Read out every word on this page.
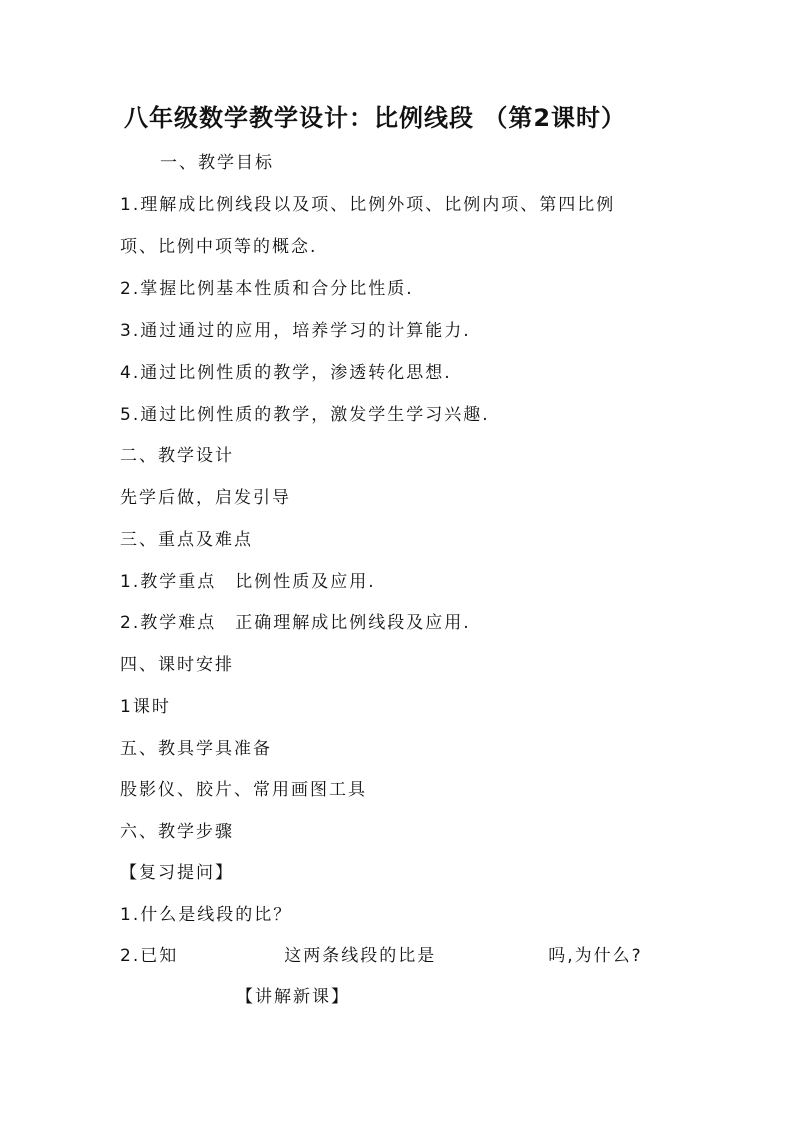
八年级数学教学设计：比例线段 （第2课时）
一、教学目标
1.理解成比例线段以及项、比例外项、比例内项、第四比例
项、比例中项等的概念.
2.掌握比例基本性质和合分比性质.
3.通过通过的应用，培养学习的计算能力.
4.通过比例性质的教学，渗透转化思想.
5.通过比例性质的教学，激发学生学习兴趣.
二、教学设计
先学后做，启发引导
三、重点及难点
1.教学重点　比例性质及应用.
2.教学难点　正确理解成比例线段及应用.
四、课时安排
1课时
五、教具学具准备
股影仪、胶片、常用画图工具
六、教学步骤
【复习提问】
1.什么是线段的比？
2.已知	这两条线段的比是	吗,为什么?
【讲解新课】
